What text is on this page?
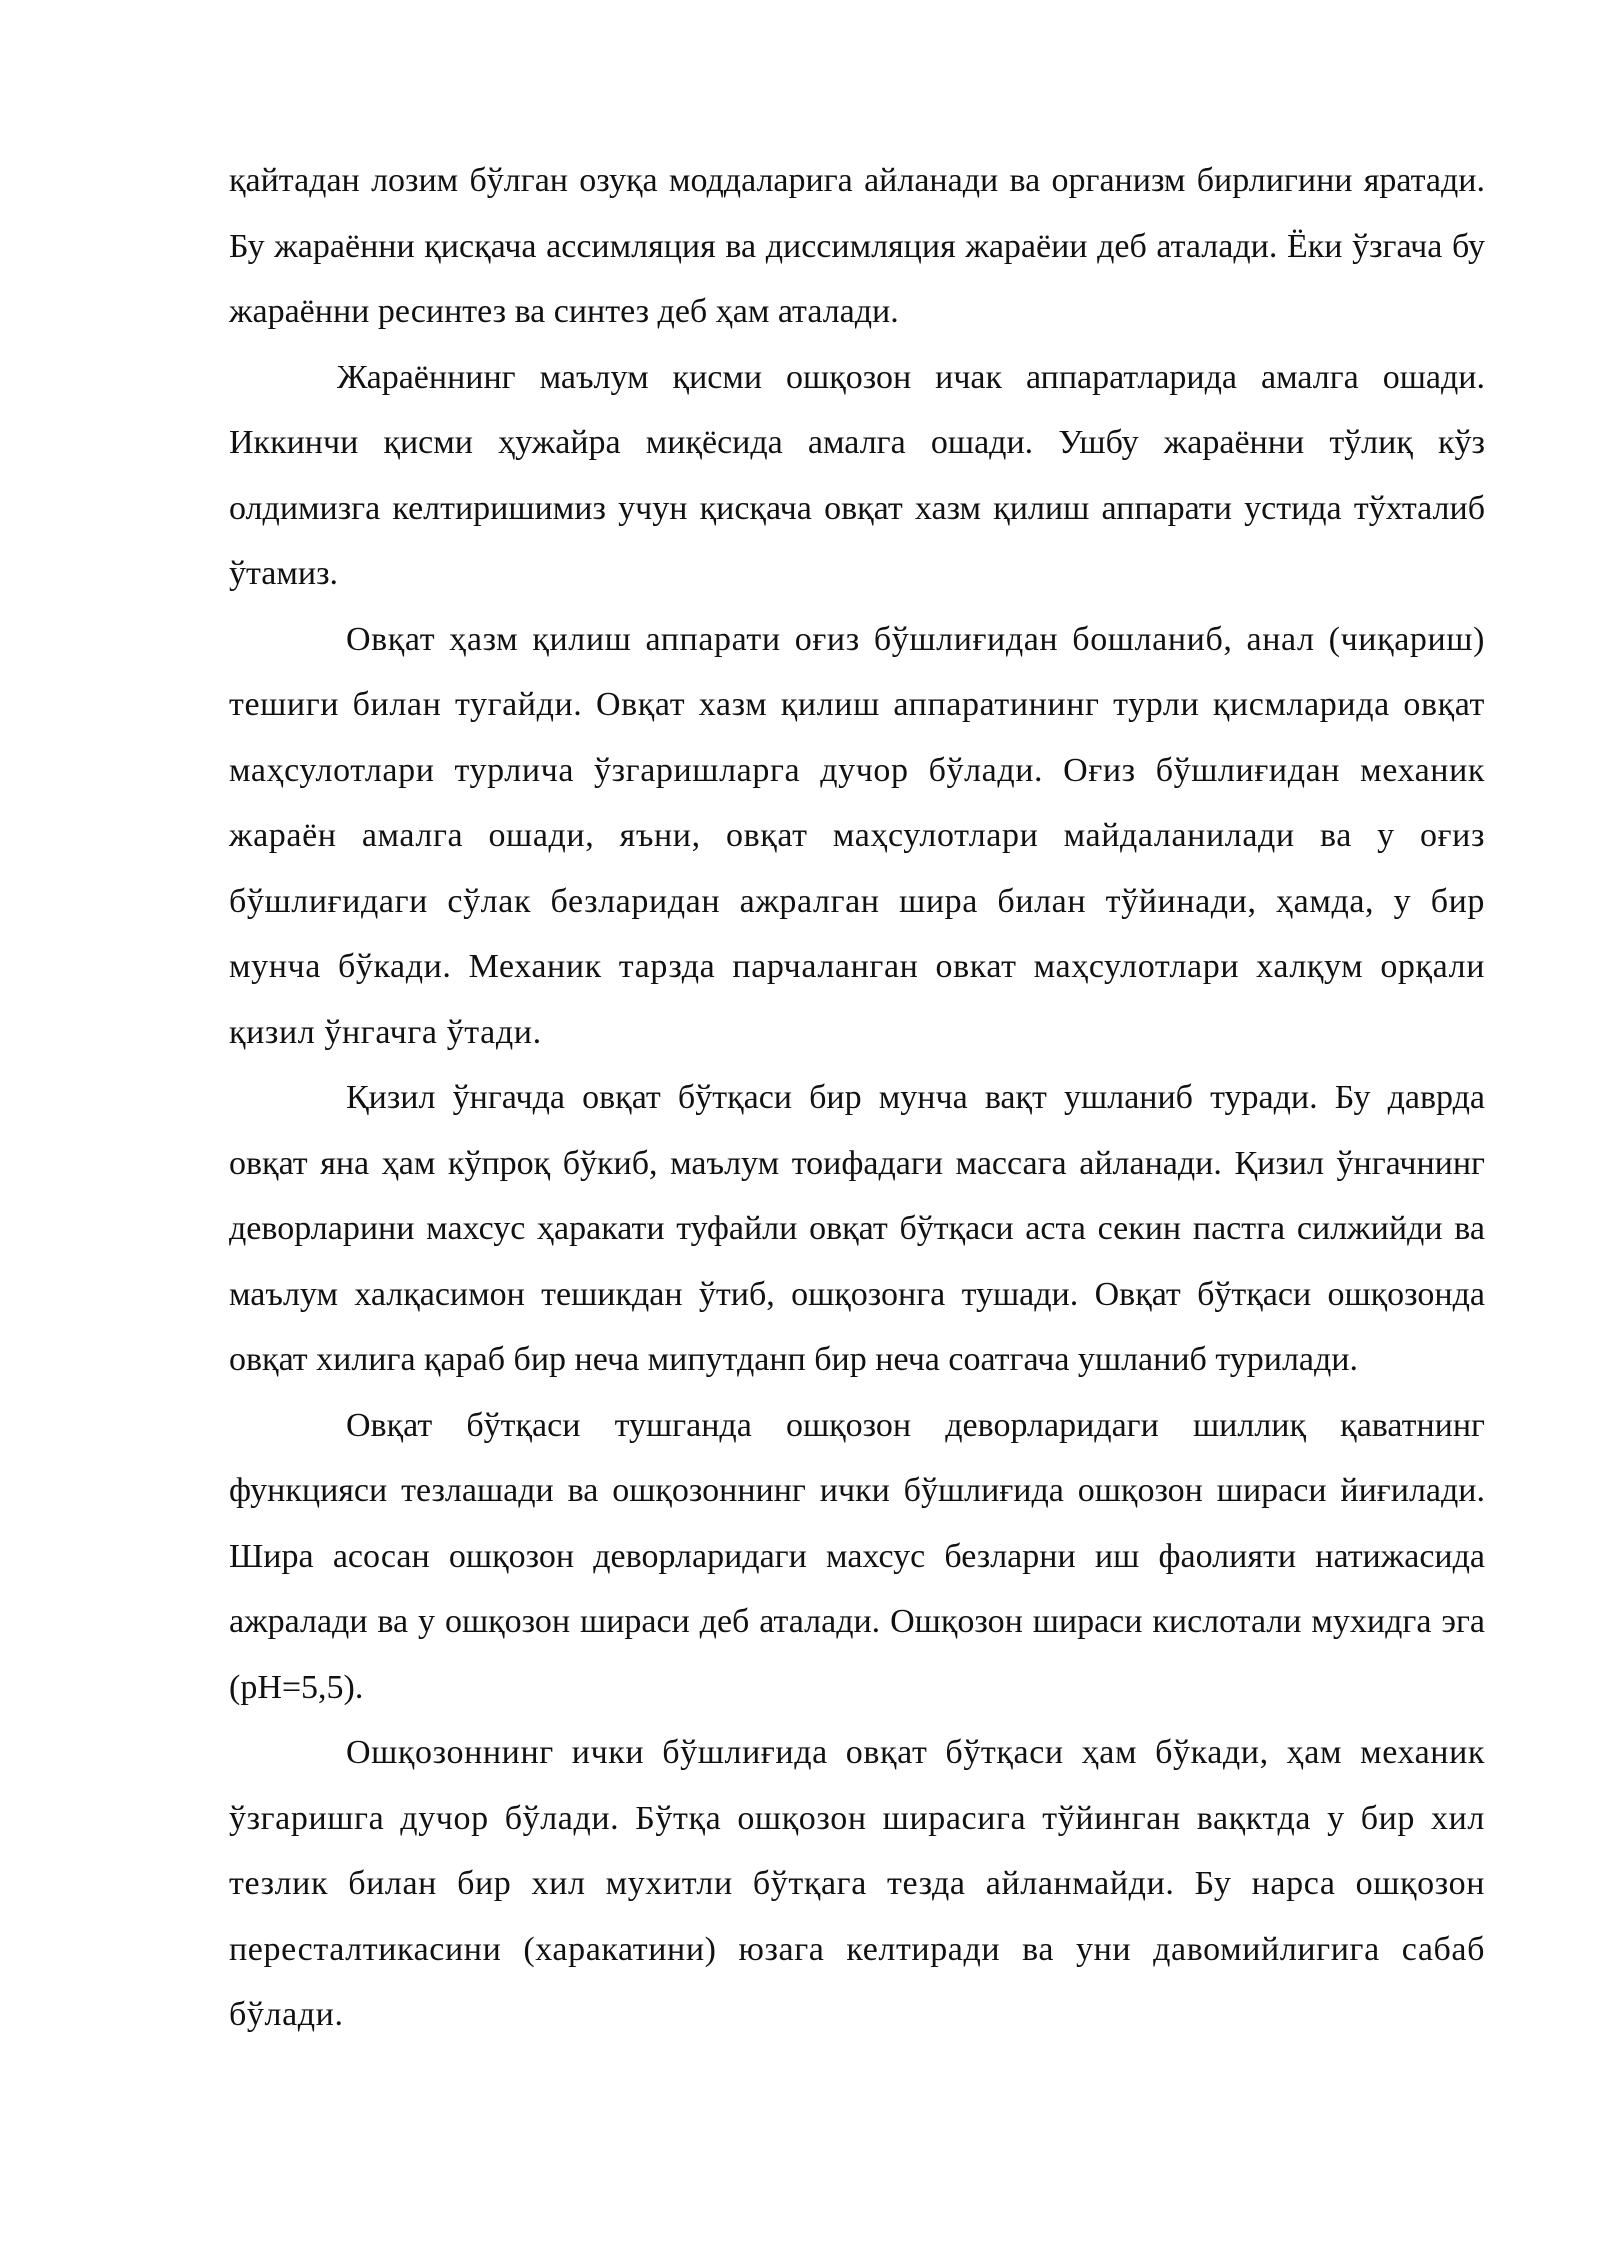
қайтадан лозим бўлган озуқа моддаларига айланади ва организм бирлигини яратади. Бу жараённи қисқача ассимляция ва диссимляция жараёии деб аталади. Ёки ўзгача бу жараённи ресинтез ва синтез деб ҳам аталади.

Жараённинг маълум қисми ошқозон ичак аппаратларида амалга ошади. Иккинчи қисми ҳужайра миқёсида амалга ошади. Ушбу жараённи тўлиқ кўз олдимизга келтиришимиз учун қисқача овқат хазм қилиш аппарати устида тўхталиб ўтамиз.

Овқат ҳазм қилиш аппарати оғиз бўшлиғидан бошланиб, анал (чиқариш) тешиги билан тугайди. Овқат хазм қилиш аппаратининг турли қисмларида овқат маҳсулотлари турлича ўзгаришларга дучор бўлади. Оғиз бўшлиғидан механик жараён амалга ошади, яъни, овқат маҳсулотлари майдаланилади ва у оғиз бўшлиғидаги сўлак безларидан ажралган шира билан тўйинади, ҳамда, у бир мунча бўкади. Механик тарзда парчаланган овкат маҳсулотлари халқум орқали қизил ўнгачга ўтади.

Қизил ўнгачда овқат бўтқаси бир мунча вақт ушланиб туради. Бу даврда овқат яна ҳам кўпроқ бўкиб, маълум тоифадаги массага айланади. Қизил ўнгачнинг деворларини махсус ҳаракати туфайли овқат бўтқаси аста секин пастга силжийди ва маълум халқасимон тешикдан ўтиб, ошқозонга тушади. Овқат бўтқаси ошқозонда овқат хилига қараб бир неча мипутданп бир неча соатгача ушланиб турилади.

Овқат бўтқаси тушганда ошқозон деворларидаги шиллиқ қаватнинг функцияси тезлашади ва ошқозоннинг ички бўшлиғида ошқозон шираси йиғилади. Шира асосан ошқозон деворларидаги махсус безларни иш фаолияти натижасида ажралади ва у ошқозон шираси деб аталади. Ошқозон шираси кислотали мухидга эга (pH=5,5).

Ошқозоннинг ички бўшлиғида овқат бўтқаси ҳам бўкади, ҳам механик ўзгаришга дучор бўлади. Бўтқа ошқозон ширасига тўйинган вақктда у бир хил тезлик билан бир хил мухитли бўтқага тезда айланмайди. Бу нарса ошқозон пересталтикасини (харакатини) юзага келтиради ва уни давомийлигига сабаб бўлади.
